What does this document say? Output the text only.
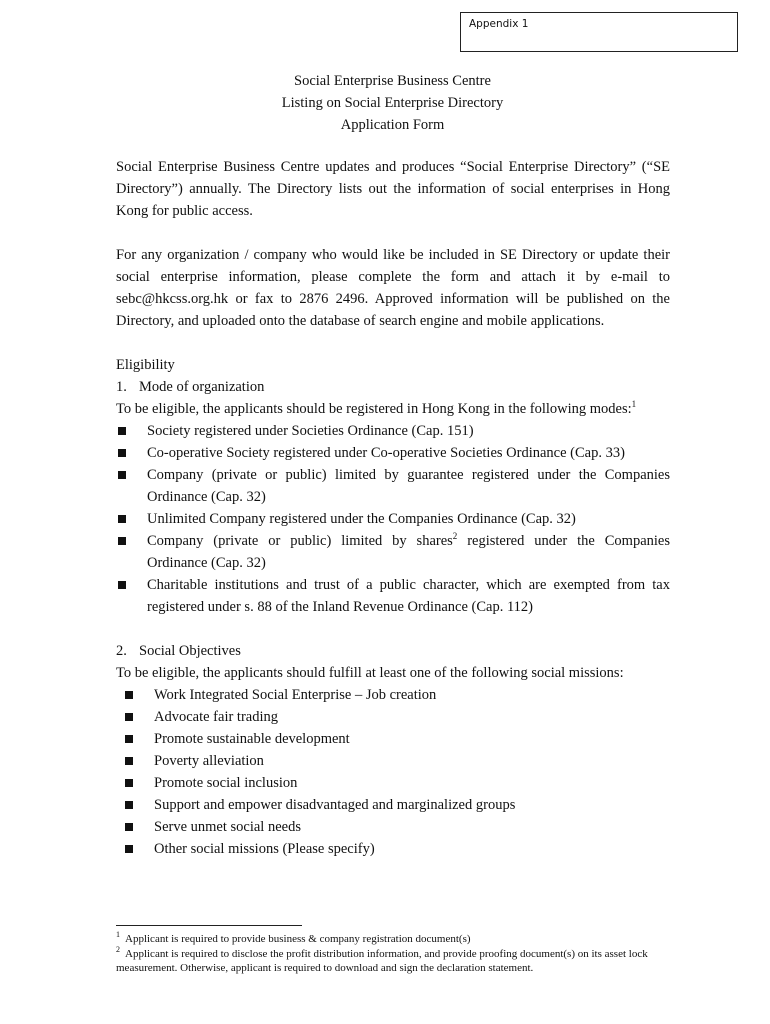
Appendix 1
Social Enterprise Business Centre
Listing on Social Enterprise Directory
Application Form

Social Enterprise Business Centre updates and produces “Social Enterprise Directory” (“SE Directory”) annually. The Directory lists out the information of social enterprises in Hong Kong for public access.

For any organization / company who would like be included in SE Directory or update their social enterprise information, please complete the form and attach it by e-mail to sebc@hkcss.org.hk or fax to 2876 2496. Approved information will be published on the Directory, and uploaded onto the database of search engine and mobile applications.

Eligibility
1. Mode of organization

To be eligible, the applicants should be registered in Hong Kong in the following modes:$^1$

Society registered under Societies Ordinance (Cap. 151)
Co-operative Society registered under Co-operative Societies Ordinance (Cap. 33)
Company (private or public) limited by guarantee registered under the Companies Ordinance (Cap. 32)
Unlimited Company registered under the Companies Ordinance (Cap. 32)
Company (private or public) limited by shares$^2$ registered under the Companies Ordinance (Cap. 32)
Charitable institutions and trust of a public character, which are exempted from tax registered under s. 88 of the Inland Revenue Ordinance (Cap. 112)
2. Social Objectives

To be eligible, the applicants should fulfill at least one of the following social missions:

Work Integrated Social Enterprise – Job creation
Advocate fair trading
Promote sustainable development
Poverty alleviation
Promote social inclusion
Support and empower disadvantaged and marginalized groups
Serve unmet social needs
Other social missions (Please specify)
$^1$ Applicant is required to provide business & company registration document(s)
$^2$ Applicant is required to disclose the profit distribution information, and provide proofing document(s) on its asset lock measurement. Otherwise, applicant is required to download and sign the declaration statement.
